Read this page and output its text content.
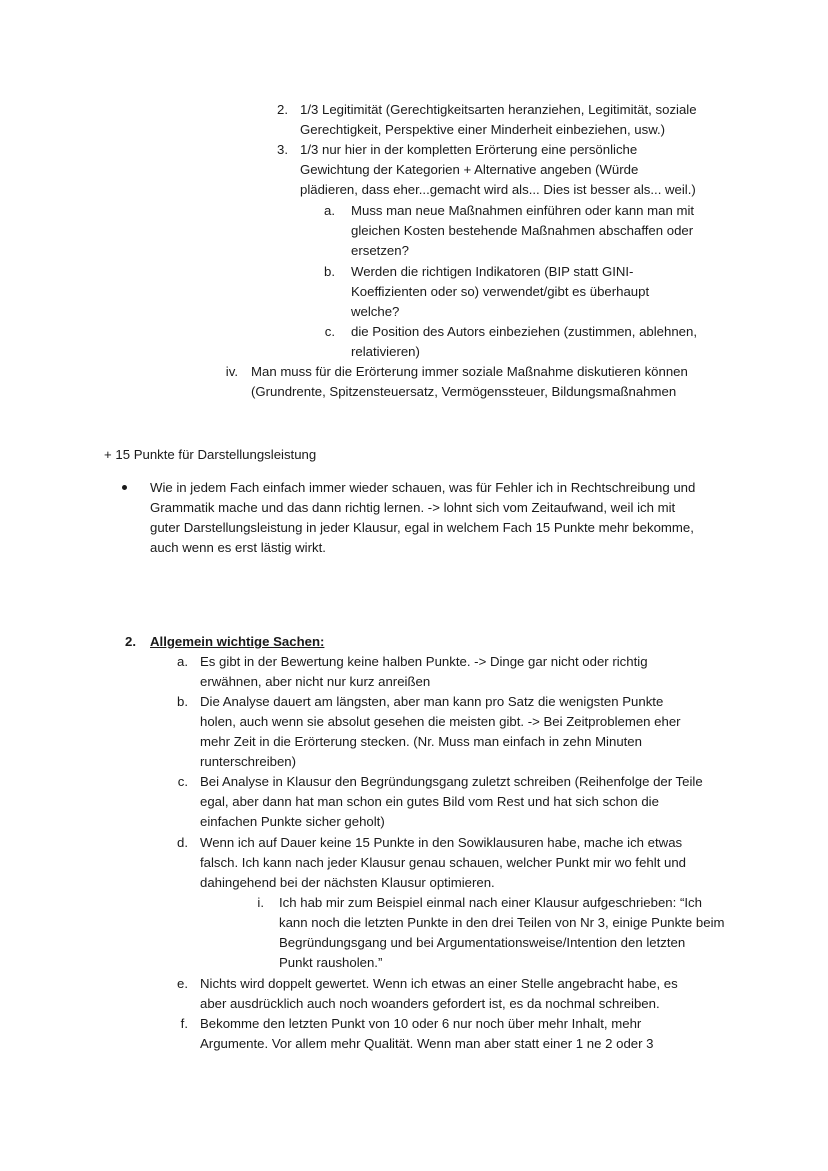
2. 1/3 Legitimität (Gerechtigkeitsarten heranziehen, Legitimität, soziale
Gerechtigkeit, Perspektive einer Minderheit einbeziehen, usw.)
3. 1/3 nur hier in der kompletten Erörterung eine persönliche
Gewichtung der Kategorien + Alternative angeben (Würde
plädieren, dass eher...gemacht wird als... Dies ist besser als... weil.)
a. Muss man neue Maßnahmen einführen oder kann man mit
gleichen Kosten bestehende Maßnahmen abschaffen oder
ersetzen?
b. Werden die richtigen Indikatoren (BIP statt GINI-
Koeffizienten oder so) verwendet/gibt es überhaupt
welche?
c. die Position des Autors einbeziehen (zustimmen, ablehnen,
relativieren)
iv. Man muss für die Erörterung immer soziale Maßnahme diskutieren können
(Grundrente, Spitzensteuersatz, Vermögenssteuer, Bildungsmaßnahmen
+ 15 Punkte für Darstellungsleistung
Wie in jedem Fach einfach immer wieder schauen, was für Fehler ich in Rechtschreibung und
Grammatik mache und das dann richtig lernen. -> lohnt sich vom Zeitaufwand, weil ich mit
guter Darstellungsleistung in jeder Klausur, egal in welchem Fach 15 Punkte mehr bekomme,
auch wenn es erst lästig wirkt.
2. Allgemein wichtige Sachen:
a. Es gibt in der Bewertung keine halben Punkte. -> Dinge gar nicht oder richtig
erwähnen, aber nicht nur kurz anreißen
b. Die Analyse dauert am längsten, aber man kann pro Satz die wenigsten Punkte
holen, auch wenn sie absolut gesehen die meisten gibt. -> Bei Zeitproblemen eher
mehr Zeit in die Erörterung stecken. (Nr. Muss man einfach in zehn Minuten
runterschreiben)
c. Bei Analyse in Klausur den Begründungsgang zuletzt schreiben (Reihenfolge der Teile
egal, aber dann hat man schon ein gutes Bild vom Rest und hat sich schon die
einfachen Punkte sicher geholt)
d. Wenn ich auf Dauer keine 15 Punkte in den Sowiklausuren habe, mache ich etwas
falsch. Ich kann nach jeder Klausur genau schauen, welcher Punkt mir wo fehlt und
dahingehend bei der nächsten Klausur optimieren.
i. Ich hab mir zum Beispiel einmal nach einer Klausur aufgeschrieben: “Ich
kann noch die letzten Punkte in den drei Teilen von Nr 3, einige Punkte beim
Begründungsgang und bei Argumentationsweise/Intention den letzten
Punkt rausholen.”
e. Nichts wird doppelt gewertet. Wenn ich etwas an einer Stelle angebracht habe, es
aber ausdrücklich auch noch woanders gefordert ist, es da nochmal schreiben.
f. Bekomme den letzten Punkt von 10 oder 6 nur noch über mehr Inhalt, mehr
Argumente. Vor allem mehr Qualität. Wenn man aber statt einer 1 ne 2 oder 3
